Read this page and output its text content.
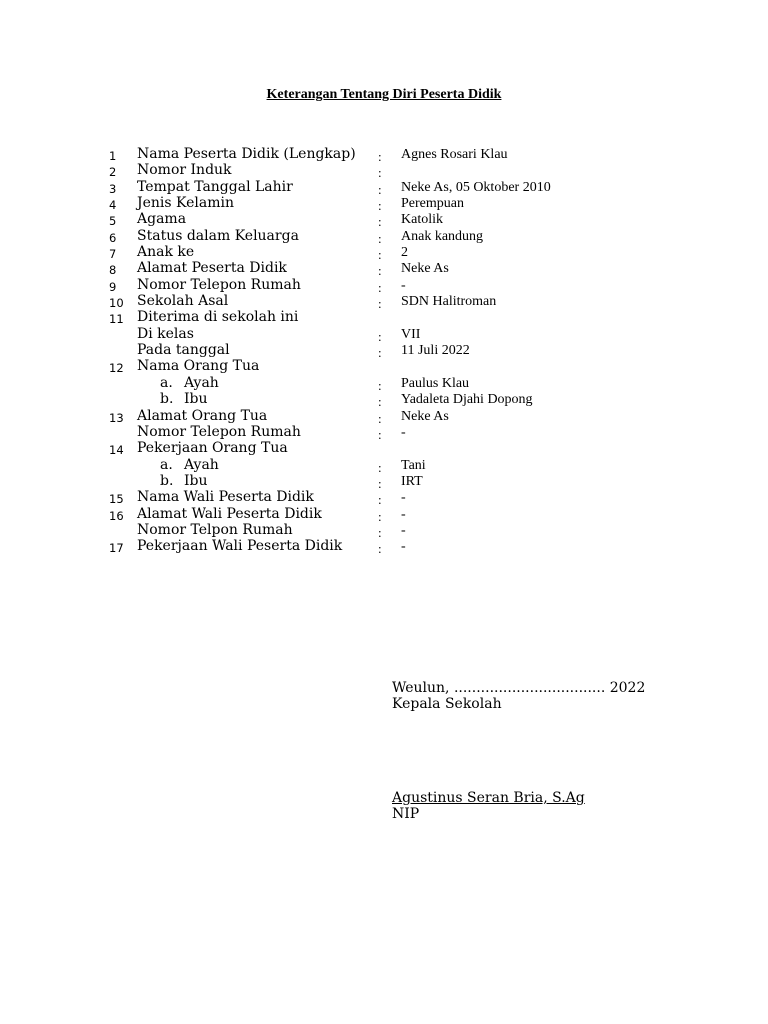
Keterangan Tentang Diri Peserta Didik
1 Nama Peserta Didik (Lengkap) : Agnes Rosari Klau
2 Nomor Induk	:
3 Tempat Tanggal Lahir	: Neke As, 05 Oktober 2010
4 Jenis Kelamin	: Perempuan
5 Agama	: Katolik
6 Status dalam Keluarga	: Anak kandung
7 Anak ke	: 2
8 Alamat Peserta Didik	: Neke As
9 Nomor Telepon Rumah	: -
10 Sekolah Asal	: SDN Halitroman
11 Diterima di sekolah ini
Di kelas	: VII
Pada tanggal	: 11 Juli 2022
12 Nama Orang Tua
a. Ayah	: Paulus Klau
b. Ibu	: Yadaleta Djahi Dopong
13 Alamat Orang Tua	: Neke As
Nomor Telepon Rumah	: -
14 Pekerjaan Orang Tua
a. Ayah	: Tani
b. Ibu	: IRT
15 Nama Wali Peserta Didik	: -
16 Alamat Wali Peserta Didik	: -
Nomor Telpon Rumah	: -
17 Pekerjaan Wali Peserta Didik	: -
Weulun, .................................. 2022
Kepala Sekolah
Agustinus Seran Bria, S.Ag
NIP
